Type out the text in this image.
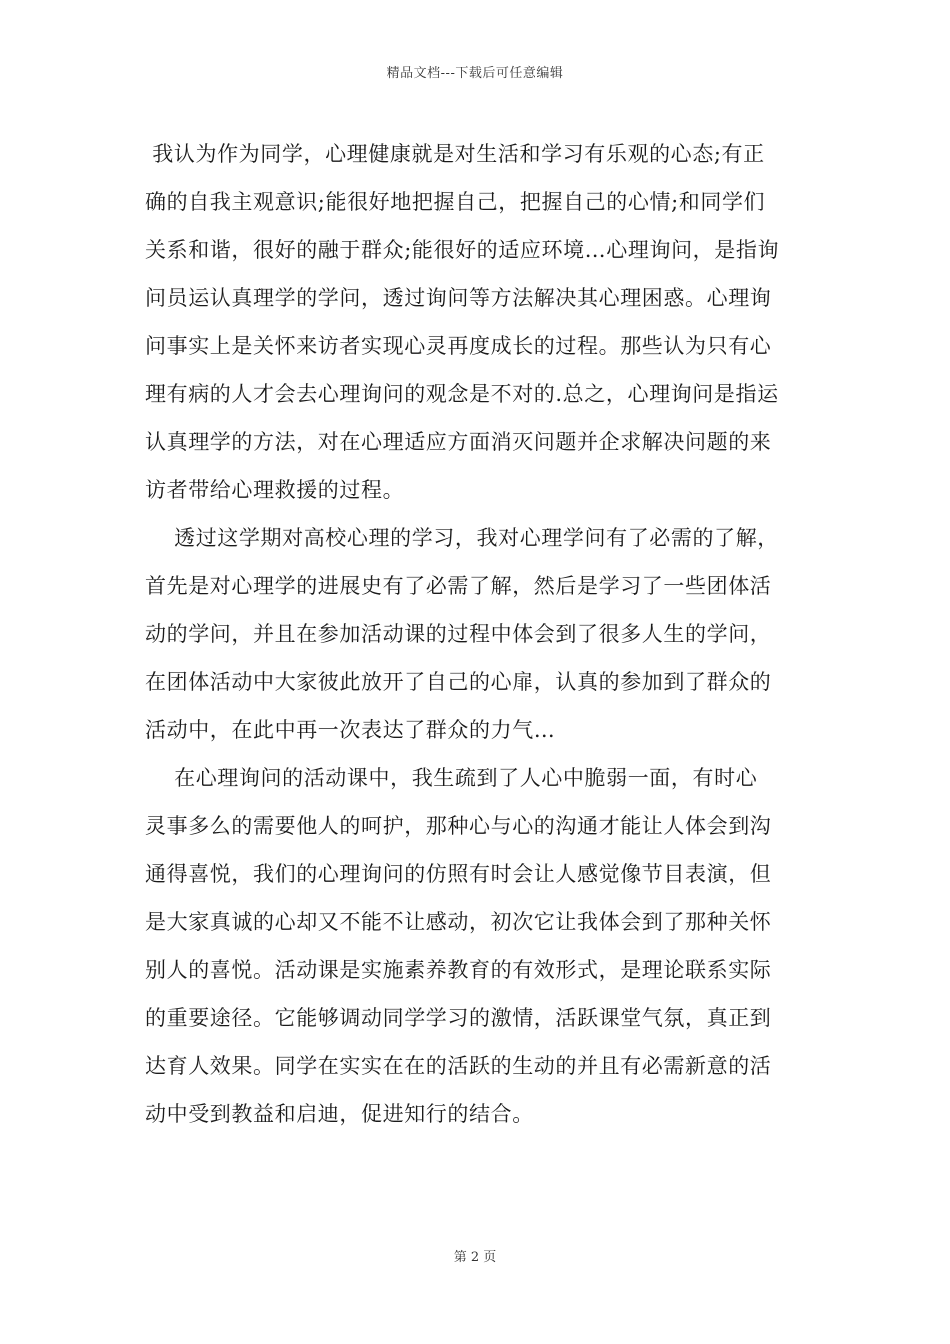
精品文档---下载后可任意编辑
我认为作为同学，心理健康就是对生活和学习有乐观的心态;有正
确的自我主观意识;能很好地把握自己，把握自己的心情;和同学们
关系和谐，很好的融于群众;能很好的适应环境…心理询问，是指询
问员运认真理学的学问，透过询问等方法解决其心理困惑。心理询
问事实上是关怀来访者实现心灵再度成长的过程。那些认为只有心
理有病的人才会去心理询问的观念是不对的.总之，心理询问是指运
认真理学的方法，对在心理适应方面消灭问题并企求解决问题的来
访者带给心理救援的过程。
透过这学期对高校心理的学习，我对心理学问有了必需的了解，
首先是对心理学的进展史有了必需了解，然后是学习了一些团体活
动的学问，并且在参加活动课的过程中体会到了很多人生的学问，
在团体活动中大家彼此放开了自己的心扉，认真的参加到了群众的
活动中，在此中再一次表达了群众的力气…
在心理询问的活动课中，我生疏到了人心中脆弱一面，有时心
灵事多么的需要他人的呵护，那种心与心的沟通才能让人体会到沟
通得喜悦，我们的心理询问的仿照有时会让人感觉像节目表演，但
是大家真诚的心却又不能不让感动，初次它让我体会到了那种关怀
别人的喜悦。活动课是实施素养教育的有效形式，是理论联系实际
的重要途径。它能够调动同学学习的激情，活跃课堂气氛，真正到
达育人效果。同学在实实在在的活跃的生动的并且有必需新意的活
动中受到教益和启迪，促进知行的结合。
第 2 页
